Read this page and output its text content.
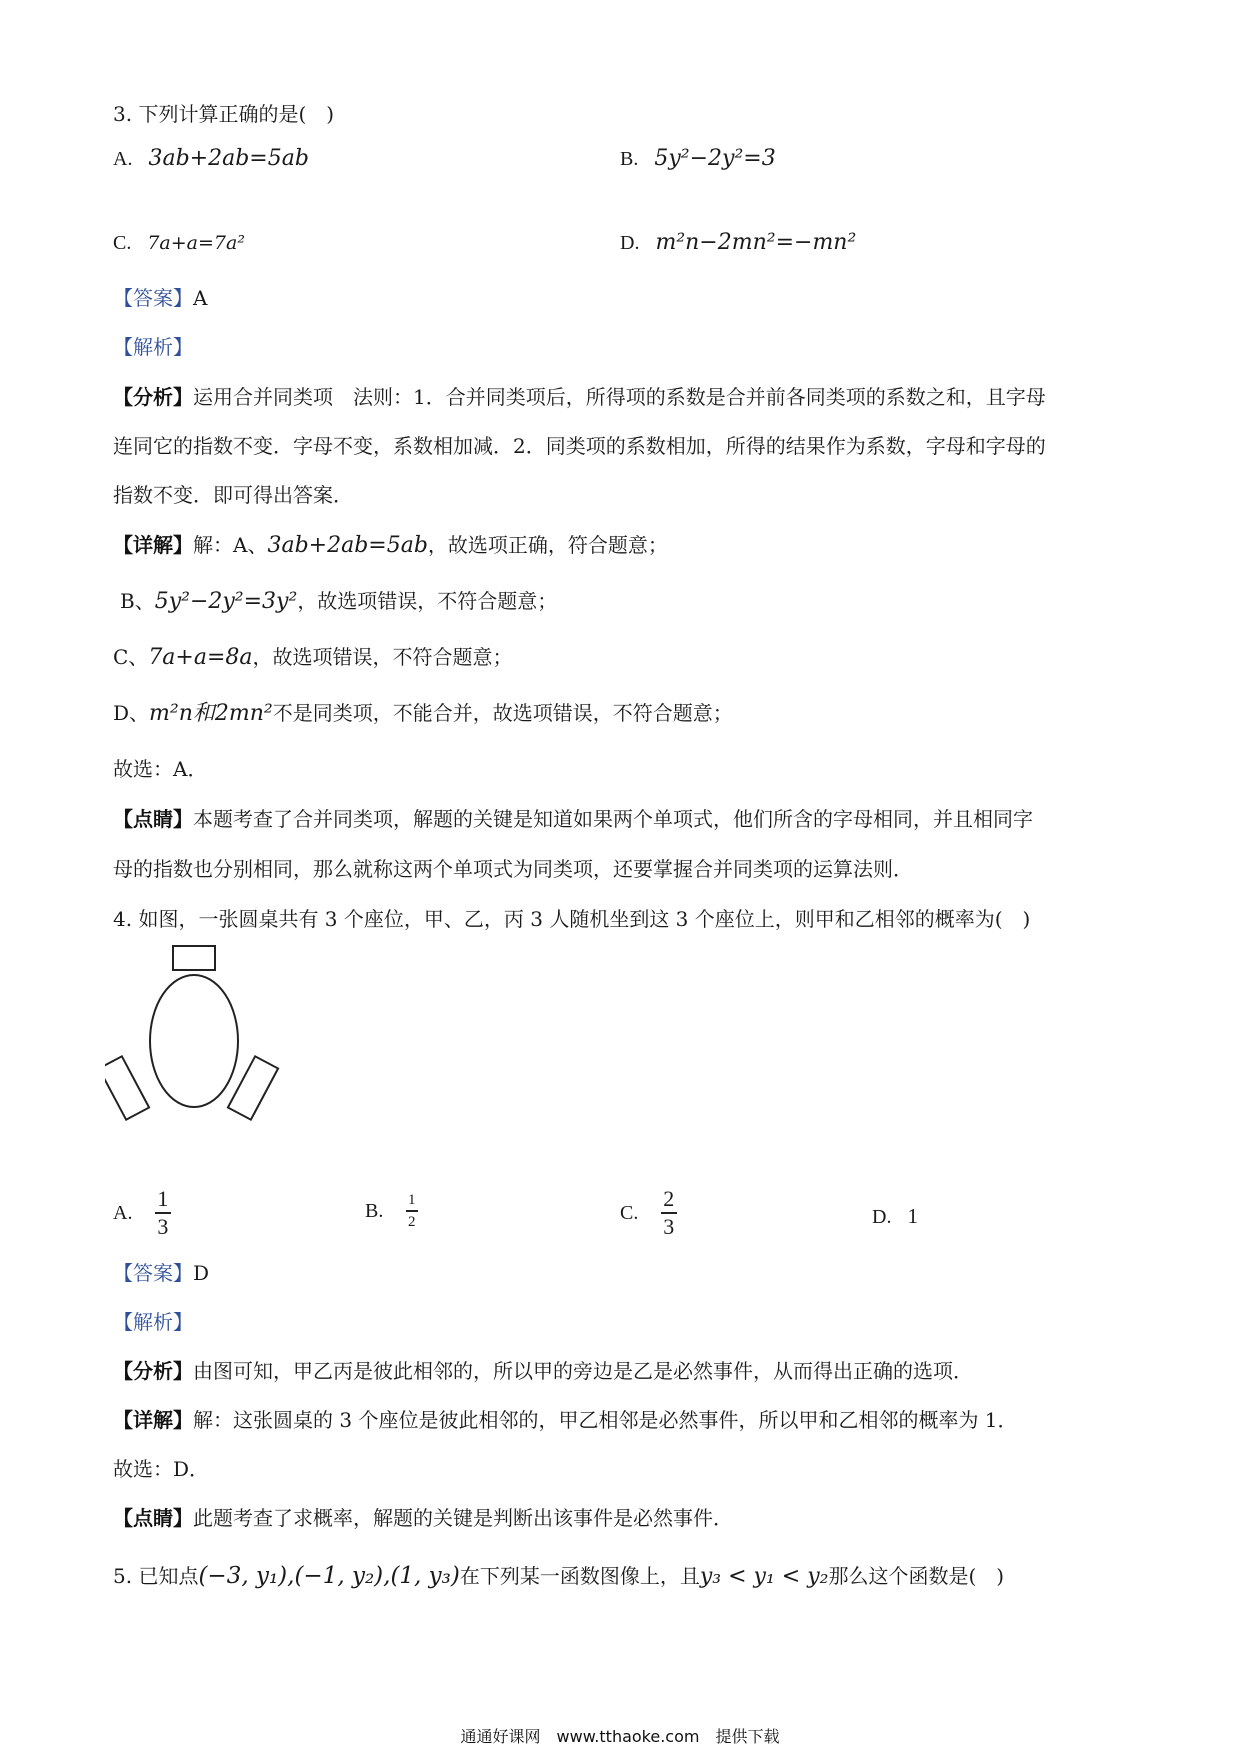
3. 下列计算正确的是(　)
A. 3ab+2ab=5ab	B. 5y²−2y²=3
C. 7a+a=7a²	D. m²n−2mn²=−mn²
【答案】A
【解析】
【分析】运用合并同类项　法则：1．合并同类项后，所得项的系数是合并前各同类项的系数之和，且字母
连同它的指数不变．字母不变，系数相加减．2．同类项的系数相加，所得的结果作为系数，字母和字母的
指数不变．即可得出答案．
【详解】解：A、3ab+2ab=5ab，故选项正确，符合题意；
B、5y²−2y²=3y²，故选项错误，不符合题意；
C、7a+a=8a，故选项错误，不符合题意；
D、m²n和2mn²不是同类项，不能合并，故选项错误，不符合题意；
故选：A．
【点睛】本题考查了合并同类项，解题的关键是知道如果两个单项式，他们所含的字母相同，并且相同字
母的指数也分别相同，那么就称这两个单项式为同类项，还要掌握合并同类项的运算法则．
4. 如图，一张圆桌共有 3 个座位，甲、乙，丙 3 人随机坐到这 3 个座位上，则甲和乙相邻的概率为(　)
A. $\frac{1}{3}$	B. $\frac{1}{2}$	C. $\frac{2}{3}$	D. 1
【答案】D
【解析】
【分析】由图可知，甲乙丙是彼此相邻的，所以甲的旁边是乙是必然事件，从而得出正确的选项．
【详解】解：这张圆桌的 3 个座位是彼此相邻的，甲乙相邻是必然事件，所以甲和乙相邻的概率为 1．
故选：D．
【点睛】此题考查了求概率，解题的关键是判断出该事件是必然事件．
5. 已知点(−3, y₁),(−1, y₂),(1, y₃)在下列某一函数图像上，且y₃ < y₁ < y₂那么这个函数是(　)
通通好课网　www.tthaoke.com　提供下载
